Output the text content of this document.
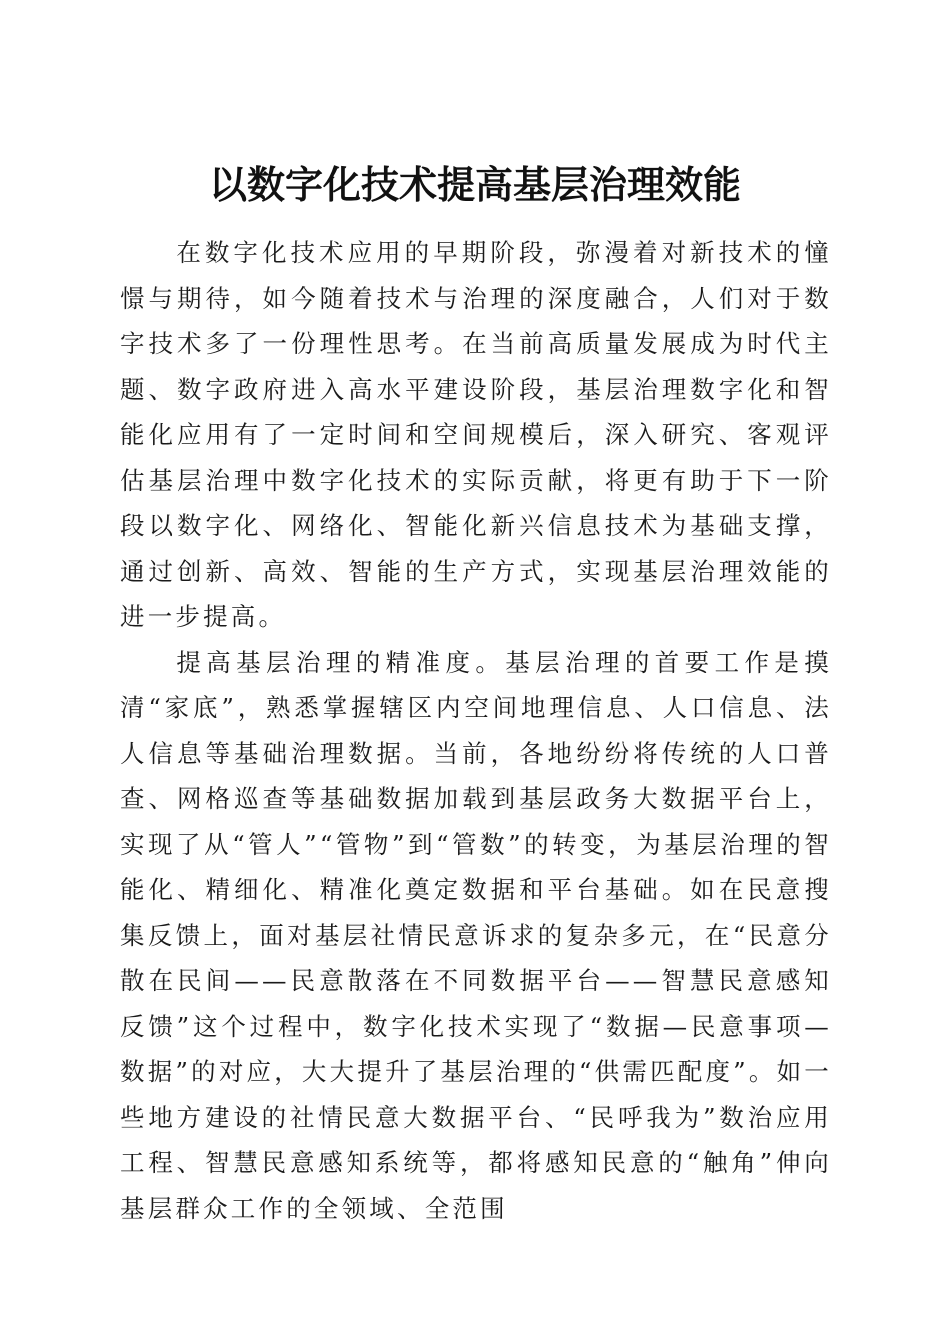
以数字化技术提高基层治理效能

在数字化技术应用的早期阶段，弥漫着对新技术的憧憬与期待，如今随着技术与治理的深度融合，人们对于数字技术多了一份理性思考。在当前高质量发展成为时代主题、数字政府进入高水平建设阶段，基层治理数字化和智能化应用有了一定时间和空间规模后，深入研究、客观评估基层治理中数字化技术的实际贡献，将更有助于下一阶段以数字化、网络化、智能化新兴信息技术为基础支撑，通过创新、高效、智能的生产方式，实现基层治理效能的进一步提高。

提高基层治理的精准度。基层治理的首要工作是摸清“家底”，熟悉掌握辖区内空间地理信息、人口信息、法人信息等基础治理数据。当前，各地纷纷将传统的人口普查、网格巡查等基础数据加载到基层政务大数据平台上，实现了从“管人”“管物”到“管数”的转变，为基层治理的智能化、精细化、精准化奠定数据和平台基础。如在民意搜集反馈上，面对基层社情民意诉求的复杂多元，在“民意分散在民间——民意散落在不同数据平台——智慧民意感知反馈”这个过程中，数字化技术实现了“数据—民意事项—数据”的对应，大大提升了基层治理的“供需匹配度”。如一些地方建设的社情民意大数据平台、“民呼我为”数治应用工程、智慧民意感知系统等，都将感知民意的“触角”伸向基层群众工作的全领域、全范围
